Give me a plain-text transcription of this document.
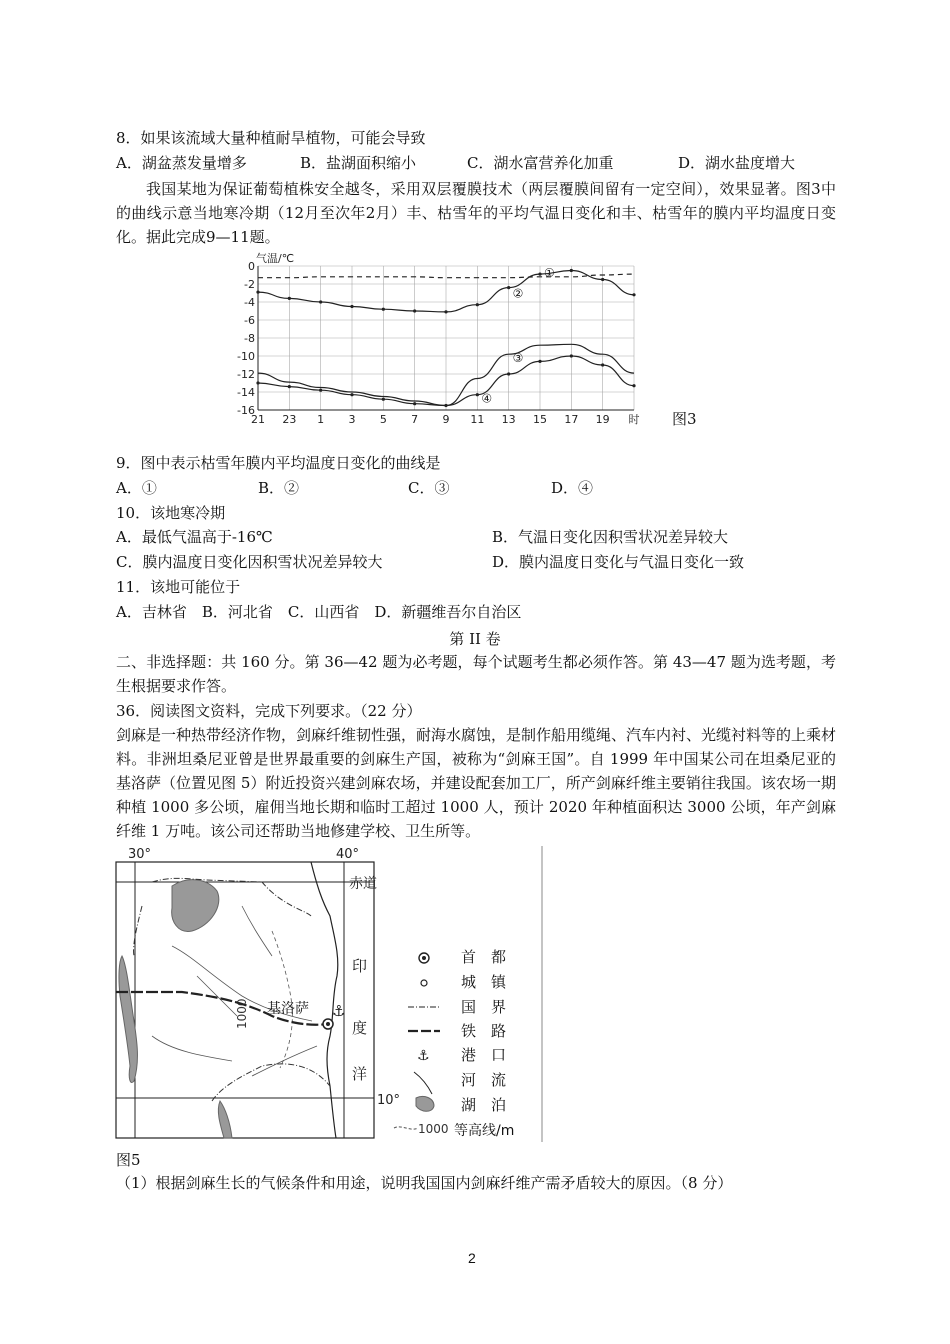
8．如果该流域大量种植耐旱植物，可能会导致
A．湖盆蒸发量增多	B．盐湖面积缩小	C．湖水富营养化加重	D．湖水盐度增大
我国某地为保证葡萄植株安全越冬，采用双层覆膜技术（两层覆膜间留有一定空间），效果显著。图3中的曲线示意当地寒冷期（12月至次年2月）丰、枯雪年的平均气温日变化和丰、枯雪年的膜内平均温度日变化。据此完成9—11题。
0
-2
-4
-6
-8
-10
-12
-14
-16
21 23 1 3 5 7 9 11 13 15 17 19 时
气温/℃
①
②
③
④
图3
9．图中表示枯雪年膜内平均温度日变化的曲线是
A．①	B．②	C．③	D．④
10．该地寒冷期
A．最低气温高于-16℃	B．气温日变化因积雪状况差异较大
C．膜内温度日变化因积雪状况差异较大	D．膜内温度日变化与气温日变化一致
11．该地可能位于
A．吉林省　B．河北省　C．山西省　D．新疆维吾尔自治区
第 II 卷
二、非选择题：共 160 分。第 36—42 题为必考题，每个试题考生都必须作答。第 43—47 题为选考题，考生根据要求作答。
36．阅读图文资料，完成下列要求。（22 分）
剑麻是一种热带经济作物，剑麻纤维韧性强，耐海水腐蚀，是制作船用缆绳、汽车内衬、光缆衬料等的上乘材料。非洲坦桑尼亚曾是世界最重要的剑麻生产国，被称为“剑麻王国”。自 1999 年中国某公司在坦桑尼亚的基洛萨（位置见图 5）附近投资兴建剑麻农场，并建设配套加工厂，所产剑麻纤维主要销往我国。该农场一期种植 1000 多公顷，雇佣当地长期和临时工超过 1000 人，预计 2020 年种植面积达 3000 公顷，年产剑麻纤维 1 万吨。该公司还帮助当地修建学校、卫生所等。
1000	⚓
基洛萨
30°	40°
赤道
10°
印
度
洋
⚓
1000
首　都
城　镇
国　界
铁　路
港　口
河　流
湖　泊
等高线/m
图5
（1）根据剑麻生长的气候条件和用途，说明我国国内剑麻纤维产需矛盾较大的原因。（8 分）
2
